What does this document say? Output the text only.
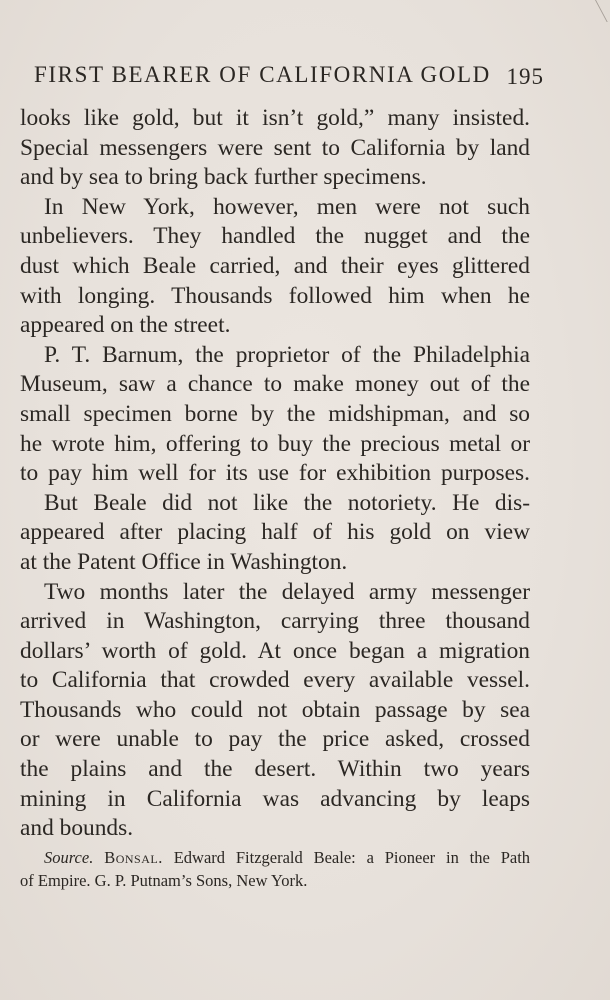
FIRST BEARER OF CALIFORNIA GOLD 195
looks like gold, but it isn’t gold,” many insisted.
Special messengers were sent to California by land
and by sea to bring back further specimens.
In New York, however, men were not such
unbelievers. They handled the nugget and the
dust which Beale carried, and their eyes glittered
with longing. Thousands followed him when he
appeared on the street.
P. T. Barnum, the proprietor of the Philadelphia
Museum, saw a chance to make money out of the
small specimen borne by the midshipman, and so
he wrote him, offering to buy the precious metal or
to pay him well for its use for exhibition purposes.
But Beale did not like the notoriety. He dis-
appeared after placing half of his gold on view
at the Patent Office in Washington.
Two months later the delayed army messenger
arrived in Washington, carrying three thousand
dollars’ worth of gold. At once began a migration
to California that crowded every available vessel.
Thousands who could not obtain passage by sea
or were unable to pay the price asked, crossed
the plains and the desert. Within two years
mining in California was advancing by leaps
and bounds.
Source. Bonsal. Edward Fitzgerald Beale: a Pioneer in the Path
of Empire. G. P. Putnam’s Sons, New York.
